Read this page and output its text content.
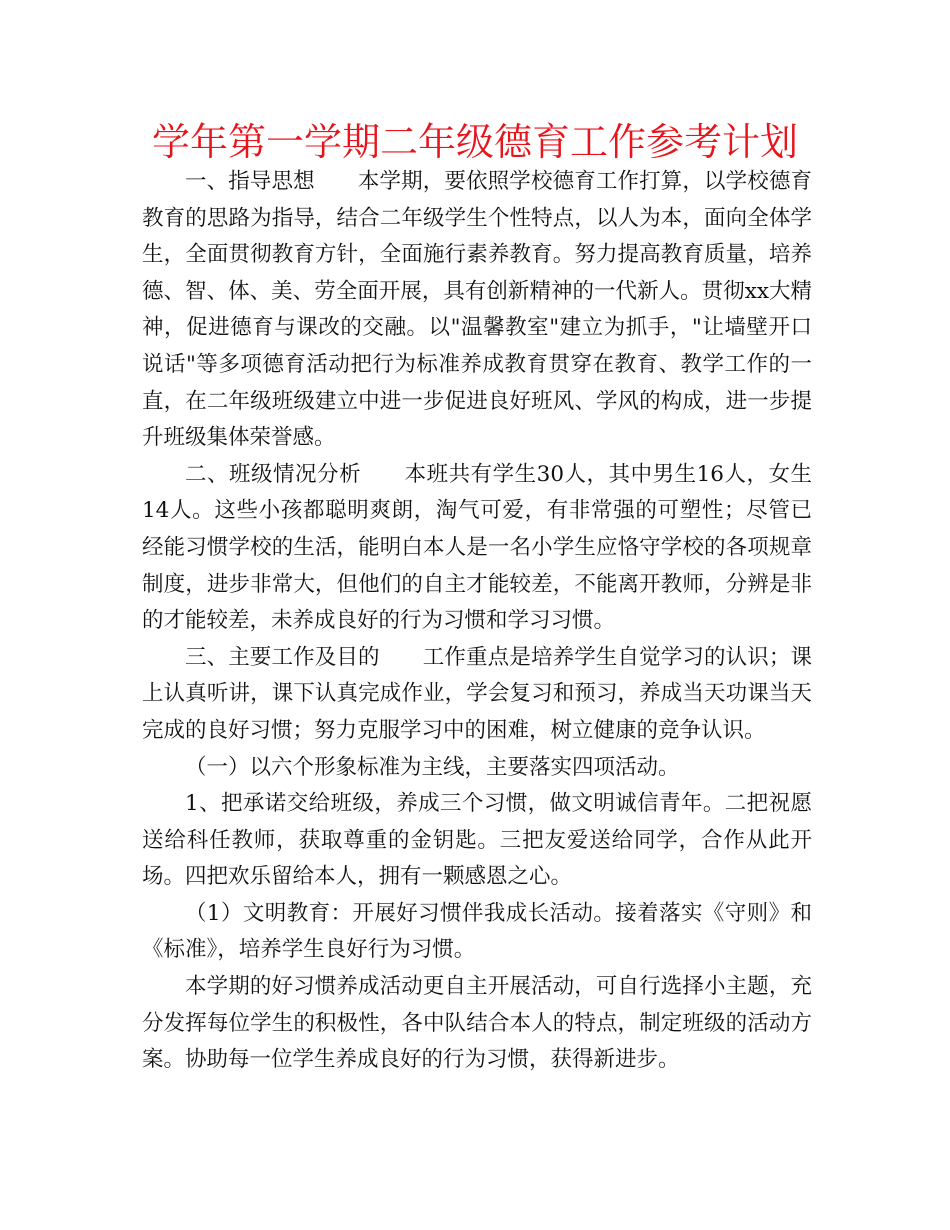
学年第一学期二年级德育工作参考计划

一、指导思想 本学期，要依照学校德育工作打算，以学校德育教育的思路为指导，结合二年级学生个性特点，以人为本，面向全体学生，全面贯彻教育方针，全面施行素养教育。努力提高教育质量，培养德、智、体、美、劳全面开展，具有创新精神的一代新人。贯彻xx大精神，促进德育与课改的交融。以"温馨教室"建立为抓手，"让墙壁开口说话"等多项德育活动把行为标准养成教育贯穿在教育、教学工作的一直，在二年级班级建立中进一步促进良好班风、学风的构成，进一步提升班级集体荣誉感。

二、班级情况分析 本班共有学生30人，其中男生16人，女生14人。这些小孩都聪明爽朗，淘气可爱，有非常强的可塑性；尽管已经能习惯学校的生活，能明白本人是一名小学生应恪守学校的各项规章制度，进步非常大，但他们的自主才能较差，不能离开教师，分辨是非的才能较差，未养成良好的行为习惯和学习习惯。

三、主要工作及目的 工作重点是培养学生自觉学习的认识；课上认真听讲，课下认真完成作业，学会复习和预习，养成当天功课当天完成的良好习惯；努力克服学习中的困难，树立健康的竞争认识。

（一）以六个形象标准为主线，主要落实四项活动。

1、把承诺交给班级，养成三个习惯，做文明诚信青年。二把祝愿送给科任教师，获取尊重的金钥匙。三把友爱送给同学，合作从此开场。四把欢乐留给本人，拥有一颗感恩之心。

（1）文明教育：开展好习惯伴我成长活动。接着落实《守则》和《标准》，培养学生良好行为习惯。

本学期的好习惯养成活动更自主开展活动，可自行选择小主题，充分发挥每位学生的积极性，各中队结合本人的特点，制定班级的活动方案。协助每一位学生养成良好的行为习惯，获得新进步。
